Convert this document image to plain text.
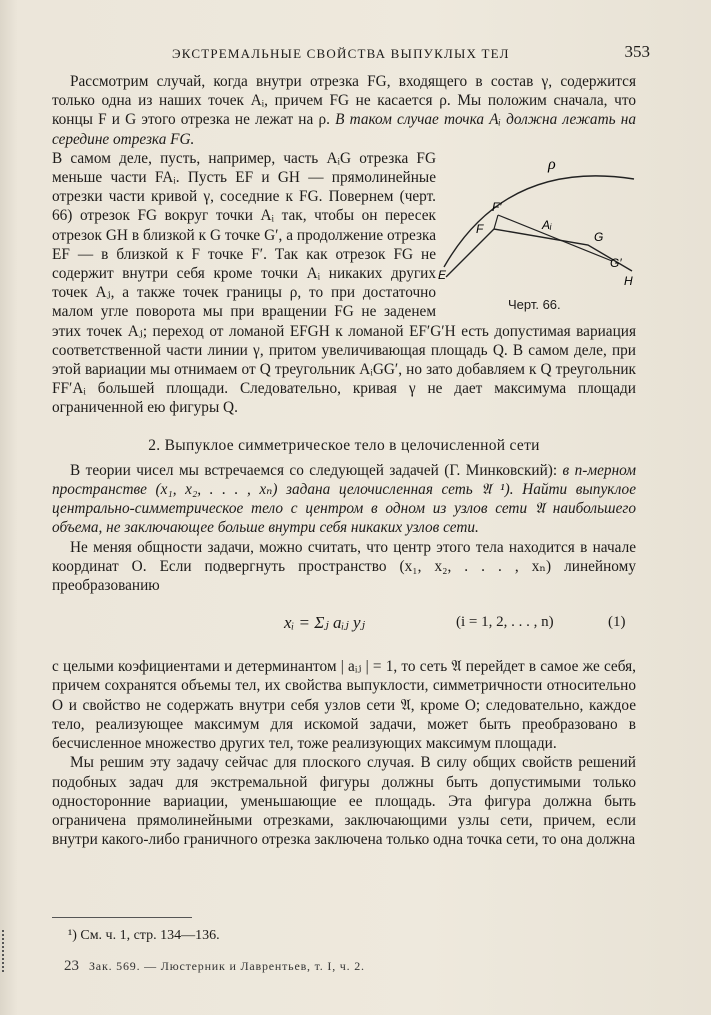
ЭКСТРЕМАЛЬНЫЕ СВОЙСТВА ВЫПУКЛЫХ ТЕЛ	353

Рассмотрим случай, когда внутри отрезка FG, входящего в состав γ, содержится только одна из наших точек Aᵢ, причем FG не касается ρ. Мы положим сначала, что концы F и G этого отрезка не лежат на ρ. В таком случае точка Aᵢ должна лежать на середине отрезка FG.

ρ
E
F
F′
Aᵢ
G
G′
H
Черт. 66.

В самом деле, пусть, например, часть AᵢG отрезка FG меньше части FAᵢ. Пусть EF и GH — прямолинейные отрезки части кривой γ, соседние к FG. Повернем (черт. 66) отрезок FG вокруг точки Aᵢ так, чтобы он пересек отрезок GH в близкой к G точке G′, а продолжение отрезка EF — в близкой к F точке F′. Так как отрезок FG не содержит внутри себя кроме точки Aᵢ никаких других точек Aⱼ, а также точек границы ρ, то при достаточно малом угле поворота мы при вращении FG не заденем этих точек Aⱼ; переход от ломаной EFGH к ломаной EF′G′H есть допустимая вариация соответственной части линии γ, притом увеличивающая площадь Q. В самом деле, при этой вариации мы отнимаем от Q треугольник AᵢGG′, но зато добавляем к Q треугольник FF′Aᵢ большей площади. Следовательно, кривая γ не дает максимума площади ограниченной ею фигуры Q.

2. Выпуклое симметрическое тело в целочисленной сети

В теории чисел мы встречаемся со следующей задачей (Г. Минковский): в n-мерном пространстве (x₁, x₂, . . . , xₙ) задана целочисленная сеть 𝔄 ¹). Найти выпуклое центрально-симметрическое тело с центром в одном из узлов сети 𝔄 наибольшего объема, не заключающее больше внутри себя никаких узлов сети.

Не меняя общности задачи, можно считать, что центр этого тела находится в начале координат O. Если подвергнуть пространство (x₁, x₂, . . . , xₙ) линейному преобразованию

xᵢ = Σⱼ aᵢⱼ yⱼ	(i = 1, 2, . . . , n)	(1)

с целыми коэфициентами и детерминантом | aᵢⱼ | = 1, то сеть 𝔄 перейдет в самое же себя, причем сохранятся объемы тел, их свойства выпуклости, симметричности относительно O и свойство не содержать внутри себя узлов сети 𝔄, кроме O; следовательно, каждое тело, реализующее максимум для искомой задачи, может быть преобразовано в бесчисленное множество других тел, тоже реализующих максимум площади.

Мы решим эту задачу сейчас для плоского случая. В силу общих свойств решений подобных задач для экстремальной фигуры должны быть допустимыми только односторонние вариации, уменьшающие ее площадь. Эта фигура должна быть ограничена прямолинейными отрезками, заключающими узлы сети, причем, если внутри какого-либо граничного отрезка заключена только одна точка сети, то она должна

¹) См. ч. 1, стр. 134—136.
23 Зак. 569. — Люстерник и Лаврентьев, т. I, ч. 2.
